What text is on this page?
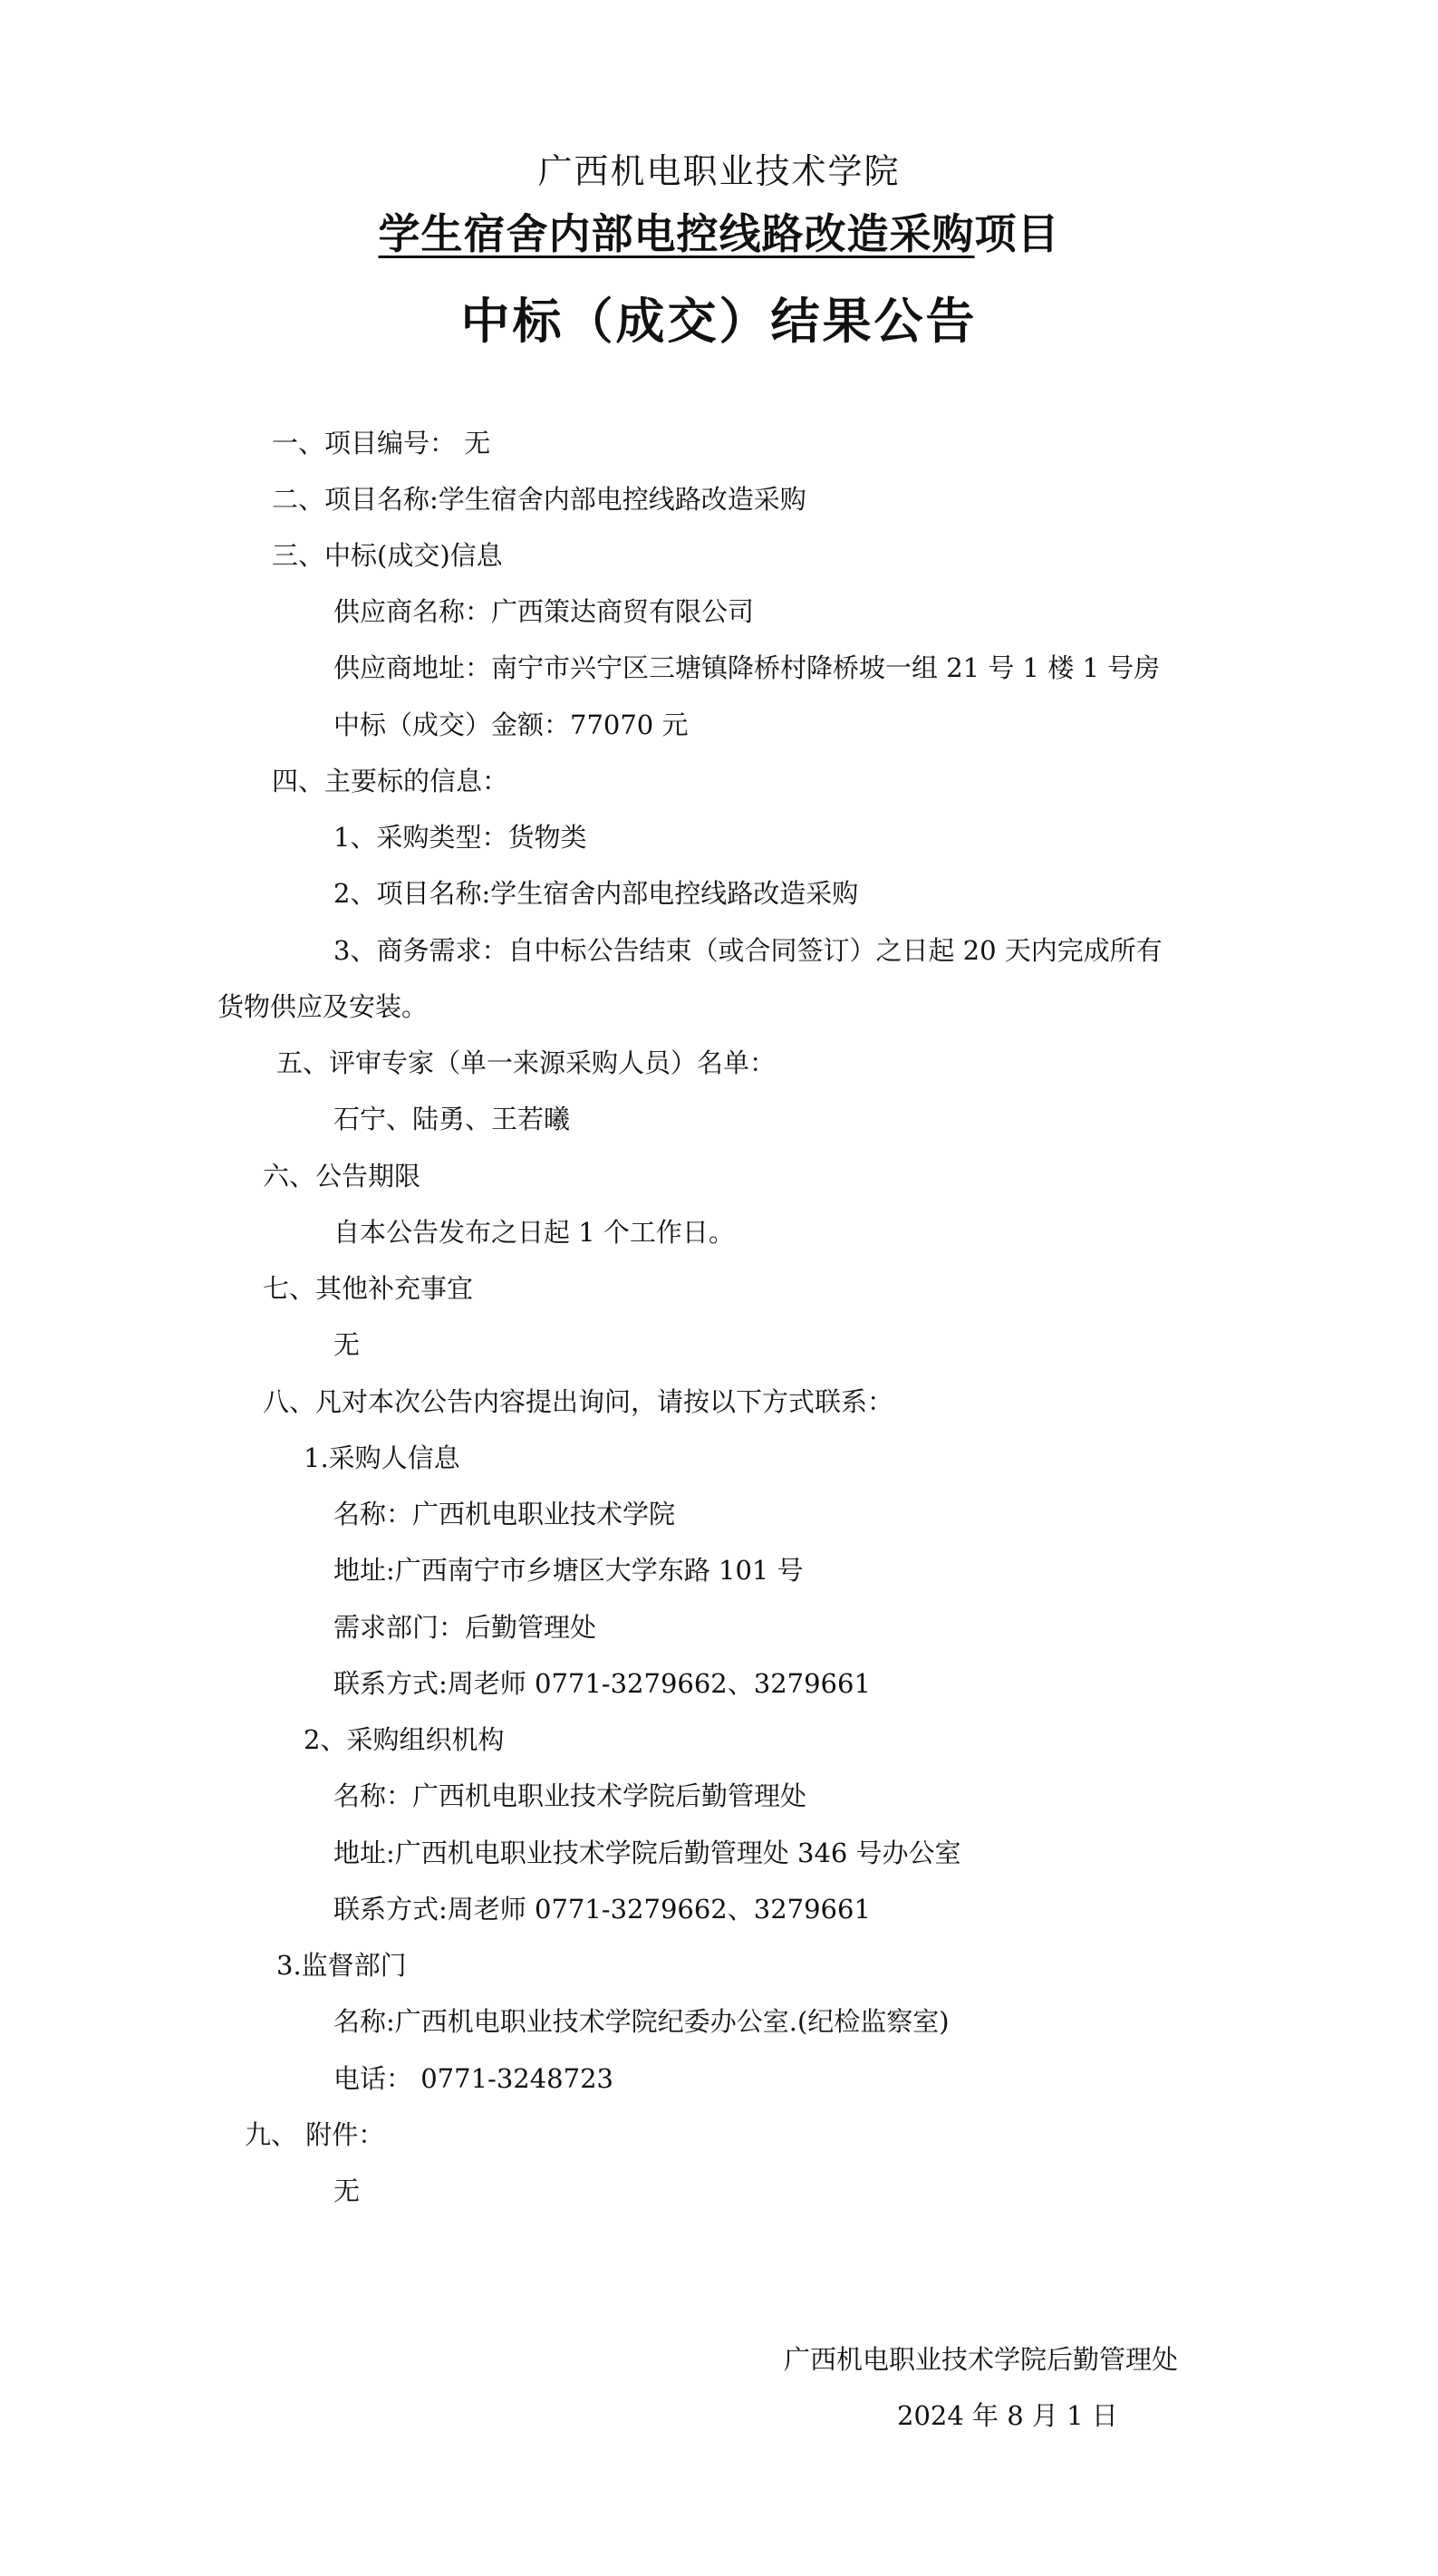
广西机电职业技术学院
学生宿舍内部电控线路改造采购项目
中标（成交）结果公告
一、项目编号： 无
二、项目名称:学生宿舍内部电控线路改造采购
三、中标(成交)信息
供应商名称：广西策达商贸有限公司
供应商地址：南宁市兴宁区三塘镇降桥村降桥坡一组 21 号 1 楼 1 号房
中标（成交）金额：77070 元
四、主要标的信息：
1、采购类型：货物类
2、项目名称:学生宿舍内部电控线路改造采购
3、商务需求：自中标公告结束（或合同签订）之日起 20 天内完成所有
货物供应及安装。
五、评审专家（单一来源采购人员）名单：
石宁、陆勇、王若曦
六、公告期限
自本公告发布之日起 1 个工作日。
七、其他补充事宜
无
八、凡对本次公告内容提出询问，请按以下方式联系：
1.采购人信息
名称：广西机电职业技术学院
地址:广西南宁市乡塘区大学东路 101 号
需求部门：后勤管理处
联系方式:周老师 0771-3279662、3279661
2、采购组织机构
名称：广西机电职业技术学院后勤管理处
地址:广西机电职业技术学院后勤管理处 346 号办公室
联系方式:周老师 0771-3279662、3279661
3.监督部门
名称:广西机电职业技术学院纪委办公室.(纪检监察室)
电话： 0771-3248723
九、 附件：
无
广西机电职业技术学院后勤管理处
2024 年 8 月 1 日
